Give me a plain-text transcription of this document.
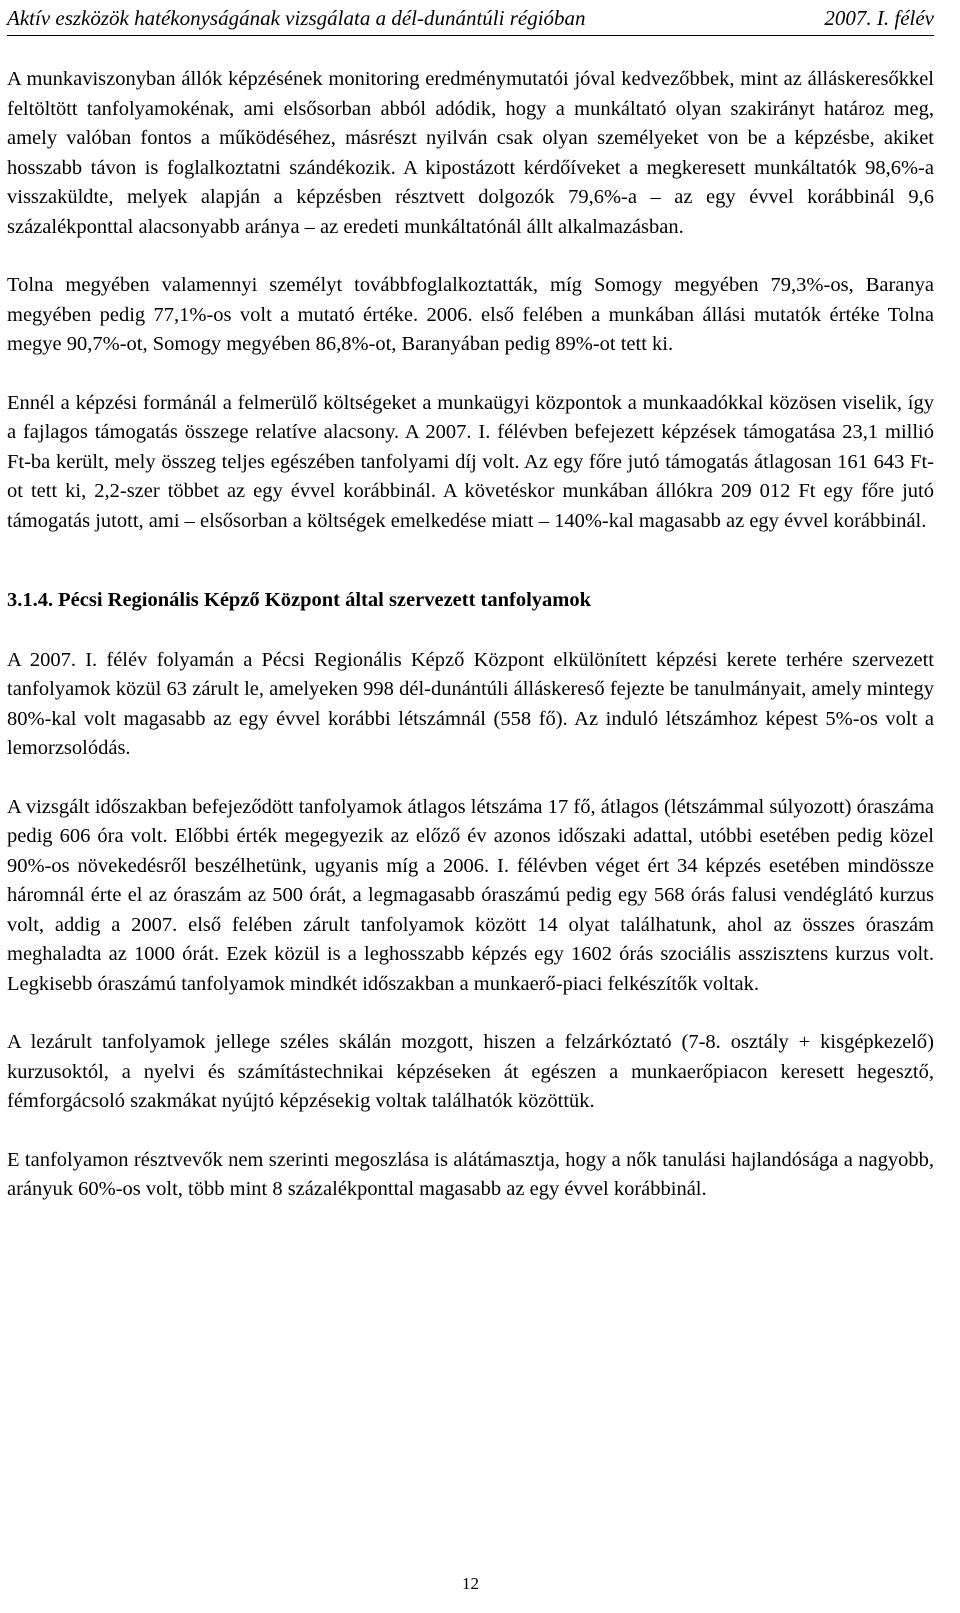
Aktív eszközök hatékonyságának vizsgálata a dél-dunántúli régióban	2007. I. félév

A munkaviszonyban állók képzésének monitoring eredménymutatói jóval kedvezőbbek, mint az álláskeresőkkel feltöltött tanfolyamokénak, ami elsősorban abból adódik, hogy a munkáltató olyan szakirányt határoz meg, amely valóban fontos a működéséhez, másrészt nyilván csak olyan személyeket von be a képzésbe, akiket hosszabb távon is foglalkoztatni szándékozik. A kipostázott kérdőíveket a megkeresett munkáltatók 98,6%-a visszaküldte, melyek alapján a képzésben résztvett dolgozók 79,6%-a – az egy évvel korábbinál 9,6 százalékponttal alacsonyabb aránya – az eredeti munkáltatónál állt alkalmazásban.

Tolna megyében valamennyi személyt továbbfoglalkoztatták, míg Somogy megyében 79,3%-os, Baranya megyében pedig 77,1%-os volt a mutató értéke. 2006. első felében a munkában állási mutatók értéke Tolna megye 90,7%-ot, Somogy megyében 86,8%-ot, Baranyában pedig 89%-ot tett ki.

Ennél a képzési formánál a felmerülő költségeket a munkaügyi központok a munkaadókkal közösen viselik, így a fajlagos támogatás összege relatíve alacsony. A 2007. I. félévben befejezett képzések támogatása 23,1 millió Ft-ba került, mely összeg teljes egészében tanfolyami díj volt. Az egy főre jutó támogatás átlagosan 161 643 Ft-ot tett ki, 2,2-szer többet az egy évvel korábbinál. A követéskor munkában állókra 209 012 Ft egy főre jutó támogatás jutott, ami – elsősorban a költségek emelkedése miatt – 140%-kal magasabb az egy évvel korábbinál.

3.1.4. Pécsi Regionális Képző Központ által szervezett tanfolyamok

A 2007. I. félév folyamán a Pécsi Regionális Képző Központ elkülönített képzési kerete terhére szervezett tanfolyamok közül 63 zárult le, amelyeken 998 dél-dunántúli álláskereső fejezte be tanulmányait, amely mintegy 80%-kal volt magasabb az egy évvel korábbi létszámnál (558 fő). Az induló létszámhoz képest 5%-os volt a lemorzsolódás.

A vizsgált időszakban befejeződött tanfolyamok átlagos létszáma 17 fő, átlagos (létszámmal súlyozott) óraszáma pedig 606 óra volt. Előbbi érték megegyezik az előző év azonos időszaki adattal, utóbbi esetében pedig közel 90%-os növekedésről beszélhetünk, ugyanis míg a 2006. I. félévben véget ért 34 képzés esetében mindössze háromnál érte el az óraszám az 500 órát, a legmagasabb óraszámú pedig egy 568 órás falusi vendéglátó kurzus volt, addig a 2007. első felében zárult tanfolyamok között 14 olyat találhatunk, ahol az összes óraszám meghaladta az 1000 órát. Ezek közül is a leghosszabb képzés egy 1602 órás szociális asszisztens kurzus volt. Legkisebb óraszámú tanfolyamok mindkét időszakban a munkaerő-piaci felkészítők voltak.

A lezárult tanfolyamok jellege széles skálán mozgott, hiszen a felzárkóztató (7-8. osztály + kisgépkezelő) kurzusoktól, a nyelvi és számítástechnikai képzéseken át egészen a munkaerőpiacon keresett hegesztő, fémforgácsoló szakmákat nyújtó képzésekig voltak találhatók közöttük.

E tanfolyamon résztvevők nem szerinti megoszlása is alátámasztja, hogy a nők tanulási hajlandósága a nagyobb, arányuk 60%-os volt, több mint 8 százalékponttal magasabb az egy évvel korábbinál.

12
